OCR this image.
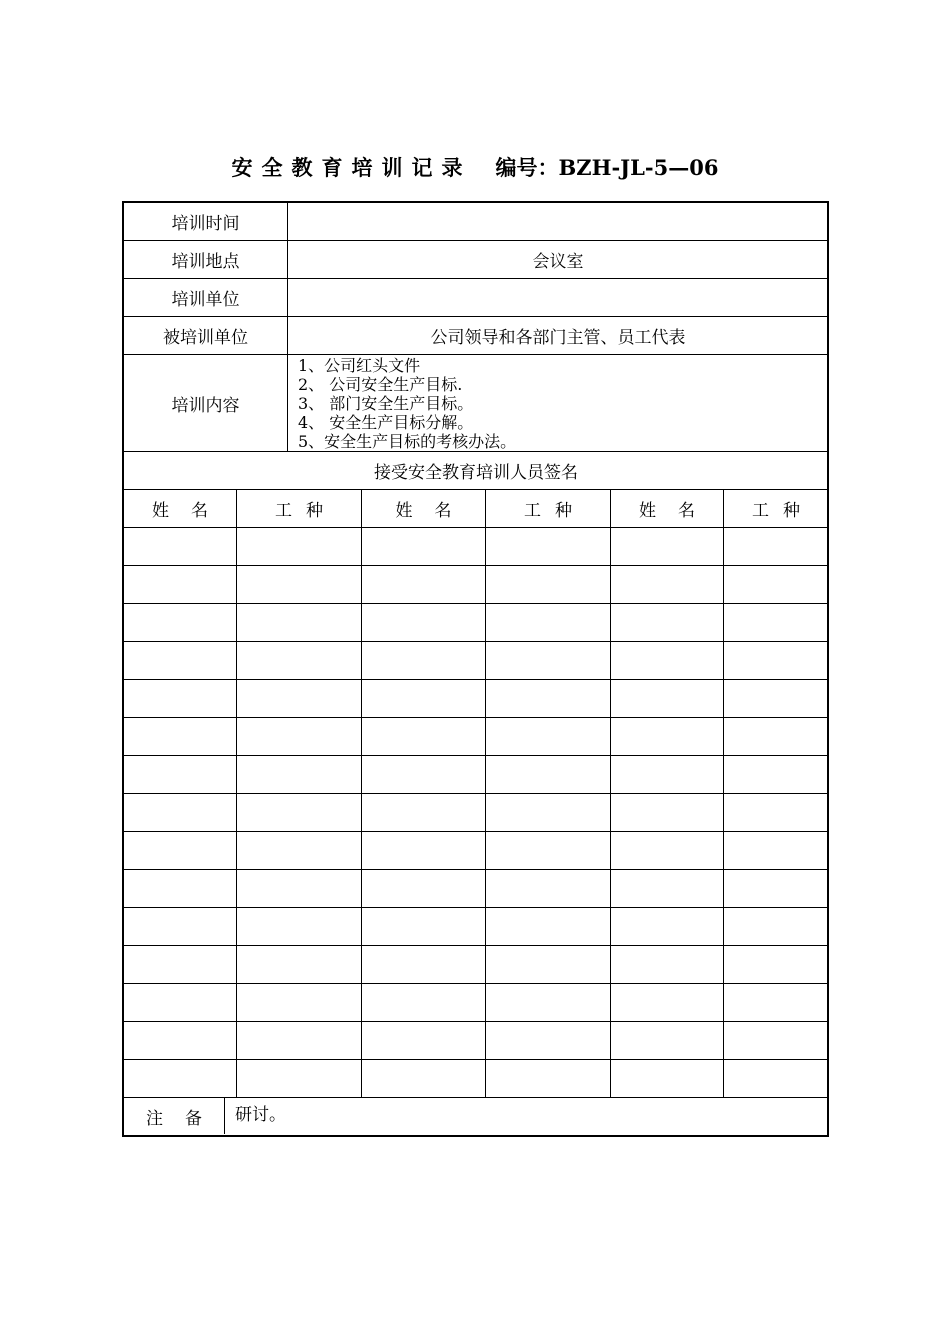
安全教育培训记录 编号：BZH-JL-5—06
培训时间
培训地点	会议室
培训单位
被培训单位	公司领导和各部门主管、员工代表
培训内容
1、公司红头文件
2、 公司安全生产目标.
3、 部门安全生产目标。
4、 安全生产目标分解。
5、安全生产目标的考核办法。
接受安全教育培训人员签名
姓名	工种	姓名	工种	姓名	工种
注备 研讨。
